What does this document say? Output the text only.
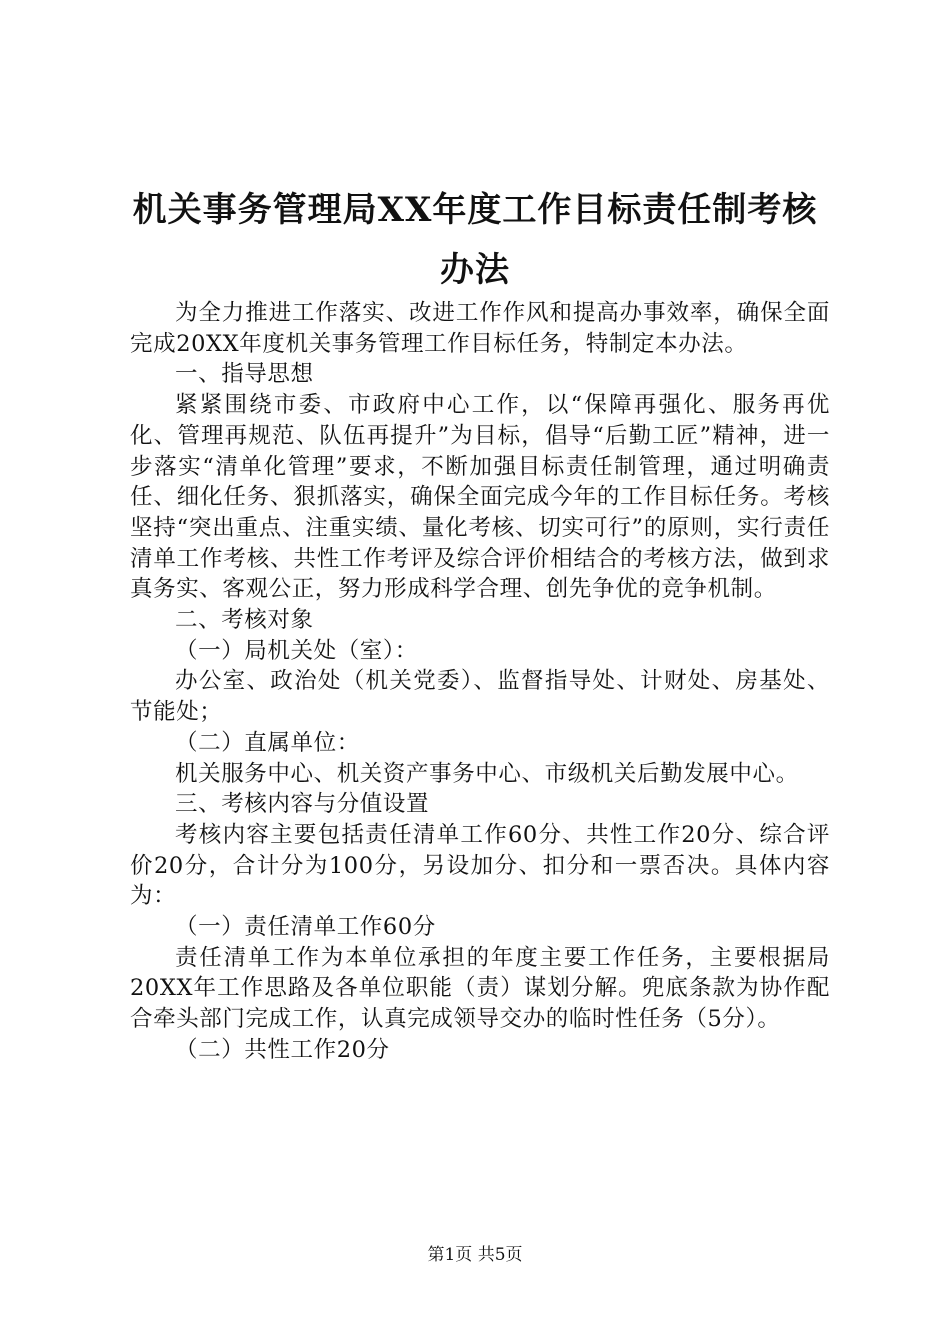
机关事务管理局XX年度工作目标责任制考核
办法

为全力推进工作落实、改进工作作风和提高办事效率，确保全面完成20XX年度机关事务管理工作目标任务，特制定本办法。

一、指导思想

紧紧围绕市委、市政府中心工作，以“保障再强化、服务再优化、管理再规范、队伍再提升”为目标，倡导“后勤工匠”精神，进一步落实“清单化管理”要求，不断加强目标责任制管理，通过明确责任、细化任务、狠抓落实，确保全面完成今年的工作目标任务。考核坚持“突出重点、注重实绩、量化考核、切实可行”的原则，实行责任清单工作考核、共性工作考评及综合评价相结合的考核方法，做到求真务实、客观公正，努力形成科学合理、创先争优的竞争机制。

二、考核对象

（一）局机关处（室）：

办公室、政治处（机关党委）、监督指导处、计财处、房基处、节能处；

（二）直属单位：

机关服务中心、机关资产事务中心、市级机关后勤发展中心。

三、考核内容与分值设置

考核内容主要包括责任清单工作60分、共性工作20分、综合评价20分，合计分为100分，另设加分、扣分和一票否决。具体内容为：

（一）责任清单工作60分

责任清单工作为本单位承担的年度主要工作任务，主要根据局20XX年工作思路及各单位职能（责）谋划分解。兜底条款为协作配合牵头部门完成工作，认真完成领导交办的临时性任务（5分）。

（二）共性工作20分

第1页 共5页
